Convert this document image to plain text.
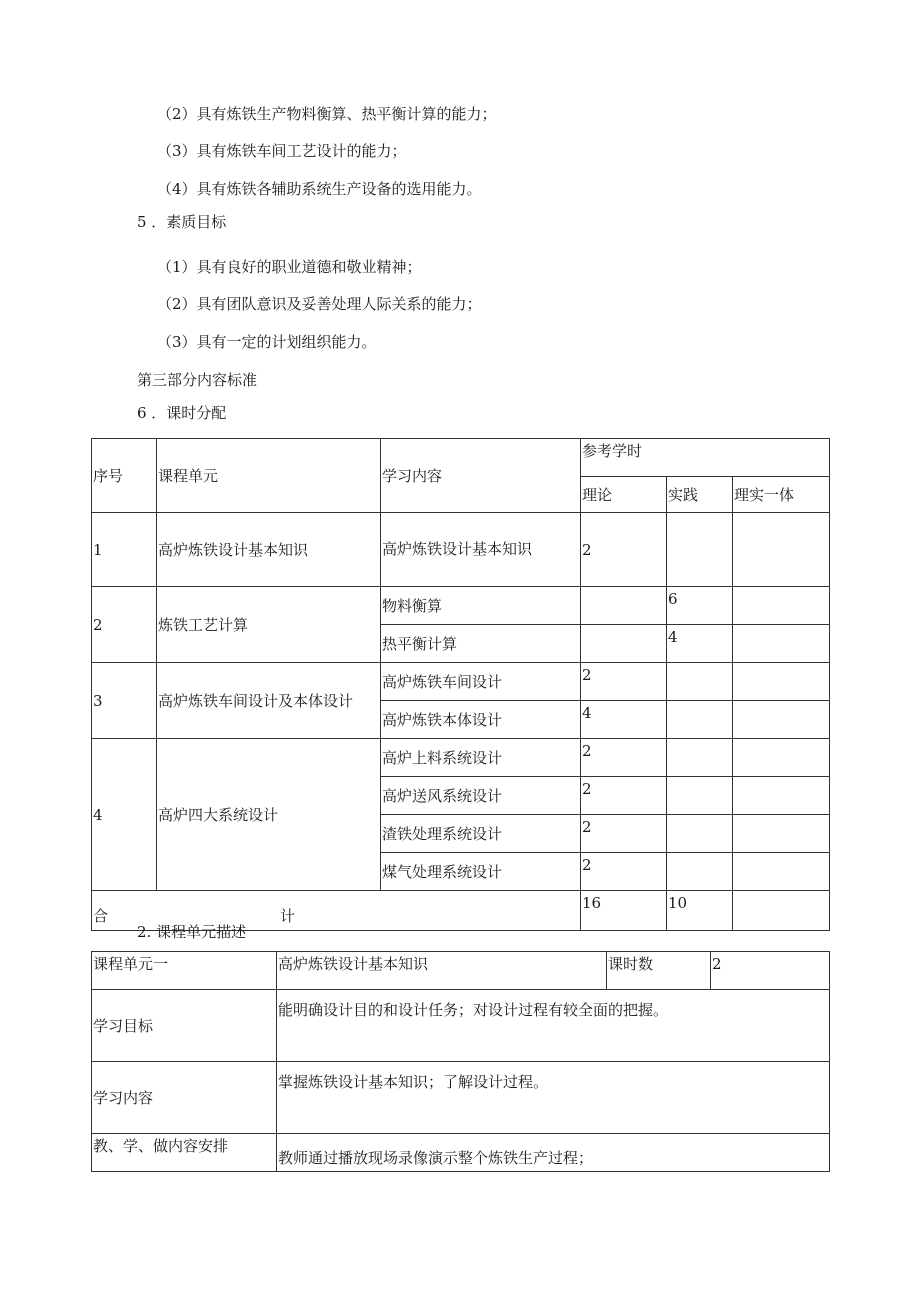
（2）具有炼铁生产物料衡算、热平衡计算的能力；
（3）具有炼铁车间工艺设计的能力；
（4）具有炼铁各辅助系统生产设备的选用能力。
5 ．素质目标
（1）具有良好的职业道德和敬业精神；
（2）具有团队意识及妥善处理人际关系的能力；
（3）具有一定的计划组织能力。
第三部分内容标准
6 ．课时分配
序号	课程单元	学习内容	参考学时		
			理论	实践	理实一体
1	高炉炼铁设计基本知识	高炉炼铁设计基本知识	2		
2	炼铁工艺计算	物料衡算		6	
		热平衡计算		4	
3	高炉炼铁车间设计及本体设计	高炉炼铁车间设计	2		
		高炉炼铁本体设计	4		
4	高炉四大系统设计	高炉上料系统设计	2		
		高炉送风系统设计	2		
		渣铁处理系统设计	2		
		煤气处理系统设计	2		
合 计			16	10	
2. 课程单元描述
课程单元一	高炉炼铁设计基本知识	课时数	2
学习目标	能明确设计目的和设计任务；对设计过程有较全面的把握。		
学习内容	掌握炼铁设计基本知识；了解设计过程。		
教、学、做内容安排	教师通过播放现场录像演示整个炼铁生产过程；		
